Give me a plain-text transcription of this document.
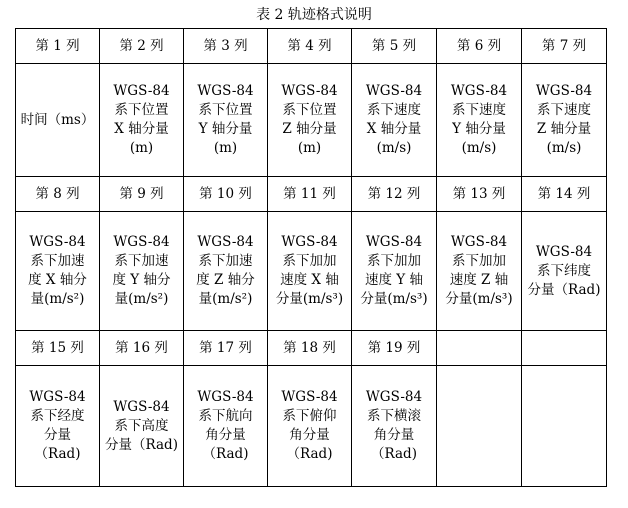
表 2 轨迹格式说明
第 1 列	第 2 列	第 3 列	第 4 列	第 5 列	第 6 列	第 7 列
时间（ms）	WGS-84
系下位置
X 轴分量
(m)	WGS-84
系下位置
Y 轴分量
(m)	WGS-84
系下位置
Z 轴分量
(m)	WGS-84
系下速度
X 轴分量
(m/s)	WGS-84
系下速度
Y 轴分量
(m/s)	WGS-84
系下速度
Z 轴分量
(m/s)
第 8 列	第 9 列	第 10 列	第 11 列	第 12 列	第 13 列	第 14 列
WGS-84
系下加速
度 X 轴分
量(m/s²)	WGS-84
系下加速
度 Y 轴分
量(m/s²)	WGS-84
系下加速
度 Z 轴分
量(m/s²)	WGS-84
系下加加
速度 X 轴
分量(m/s³)	WGS-84
系下加加
速度 Y 轴
分量(m/s³)	WGS-84
系下加加
速度 Z 轴
分量(m/s³)	WGS-84
系下纬度
分量（Rad)
第 15 列	第 16 列	第 17 列	第 18 列	第 19 列		
WGS-84
系下经度
分量
（Rad)	WGS-84
系下高度
分量（Rad)	WGS-84
系下航向
角分量
（Rad)	WGS-84
系下俯仰
角分量
（Rad)	WGS-84
系下横滚
角分量
（Rad)		
